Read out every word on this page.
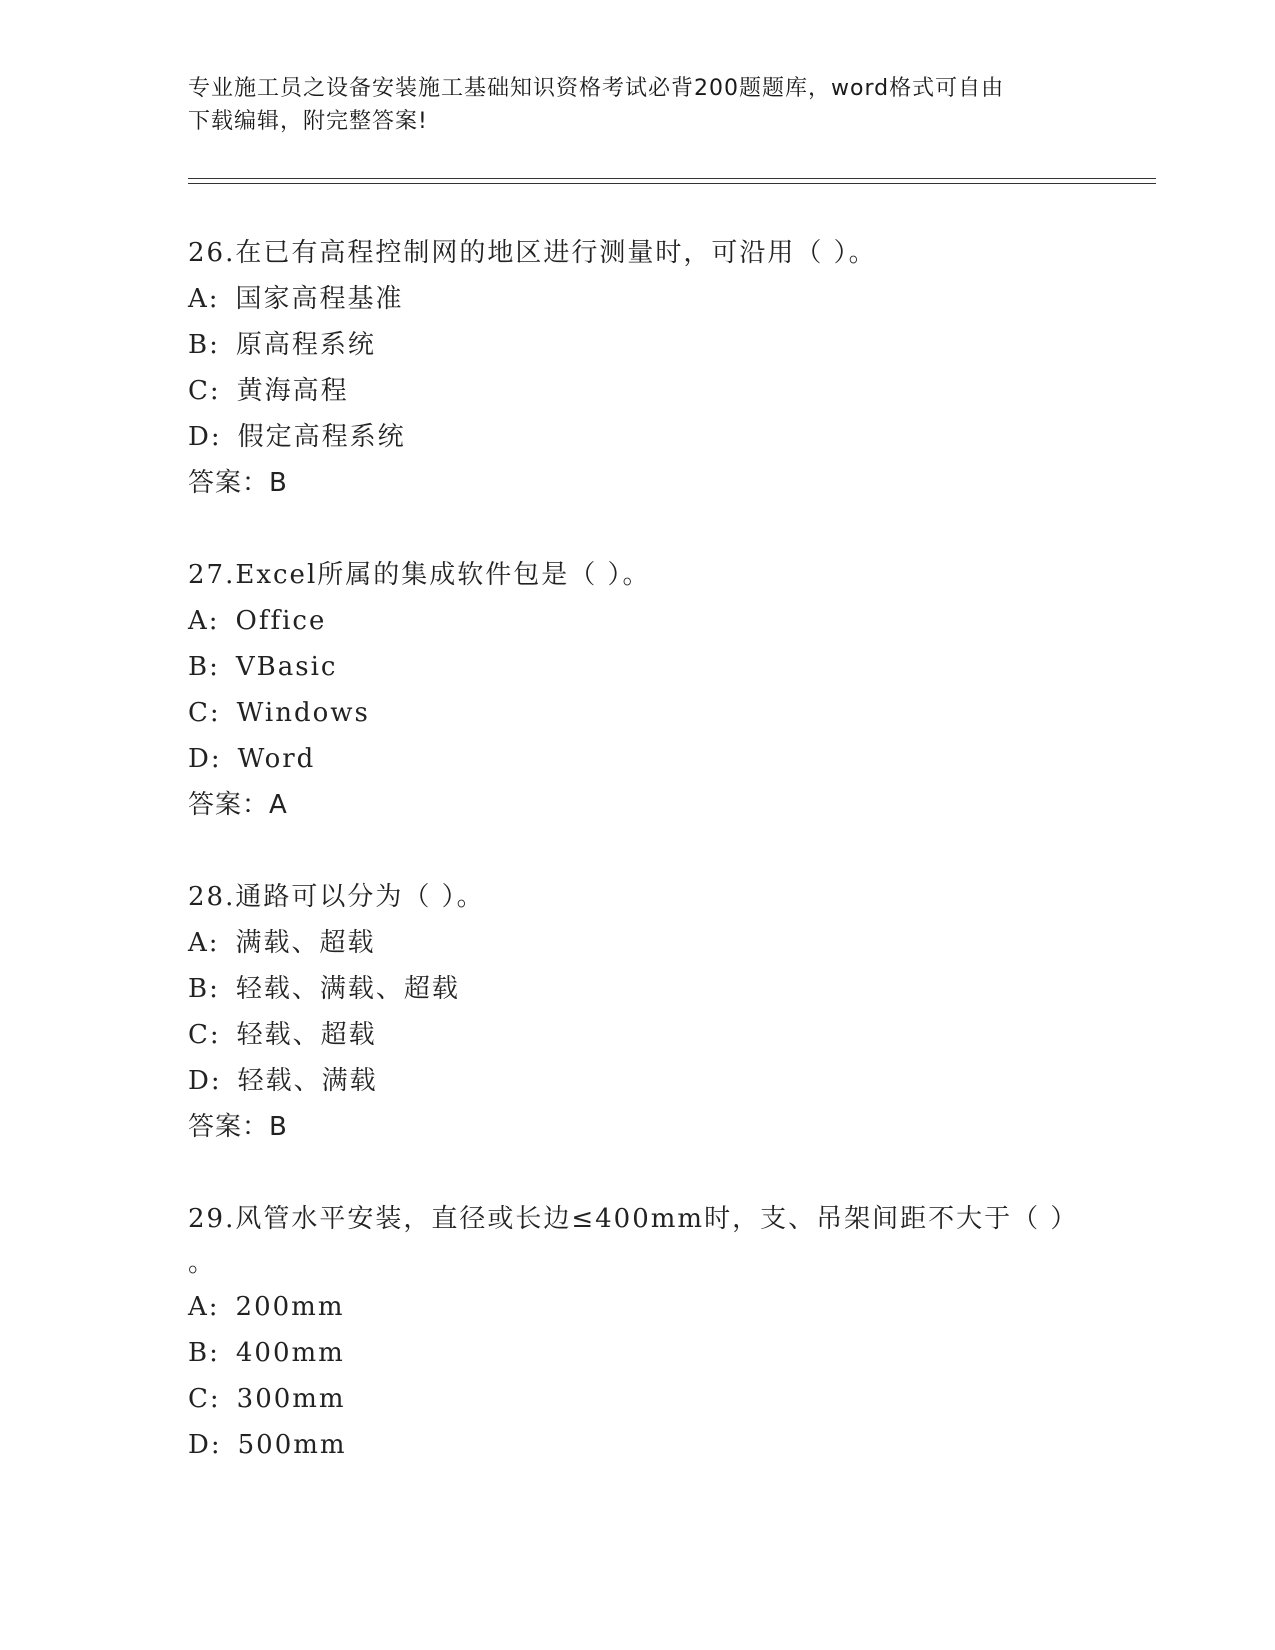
专业施工员之设备安装施工基础知识资格考试必背200题题库，word格式可自由
下载编辑，附完整答案!
26.在已有高程控制网的地区进行测量时，可沿用（ ）。
A: 国家高程基准
B: 原高程系统
C: 黄海高程
D: 假定高程系统
答案：B
27.Excel所属的集成软件包是（ ）。
A: Office
B: VBasic
C: Windows
D: Word
答案：A
28.通路可以分为（ ）。
A: 满载、超载
B: 轻载、满载、超载
C: 轻载、超载
D: 轻载、满载
答案：B
29.风管水平安装，直径或长边≤400mm时，支、吊架间距不大于（ ）
。
A: 200mm
B: 400mm
C: 300mm
D: 500mm
